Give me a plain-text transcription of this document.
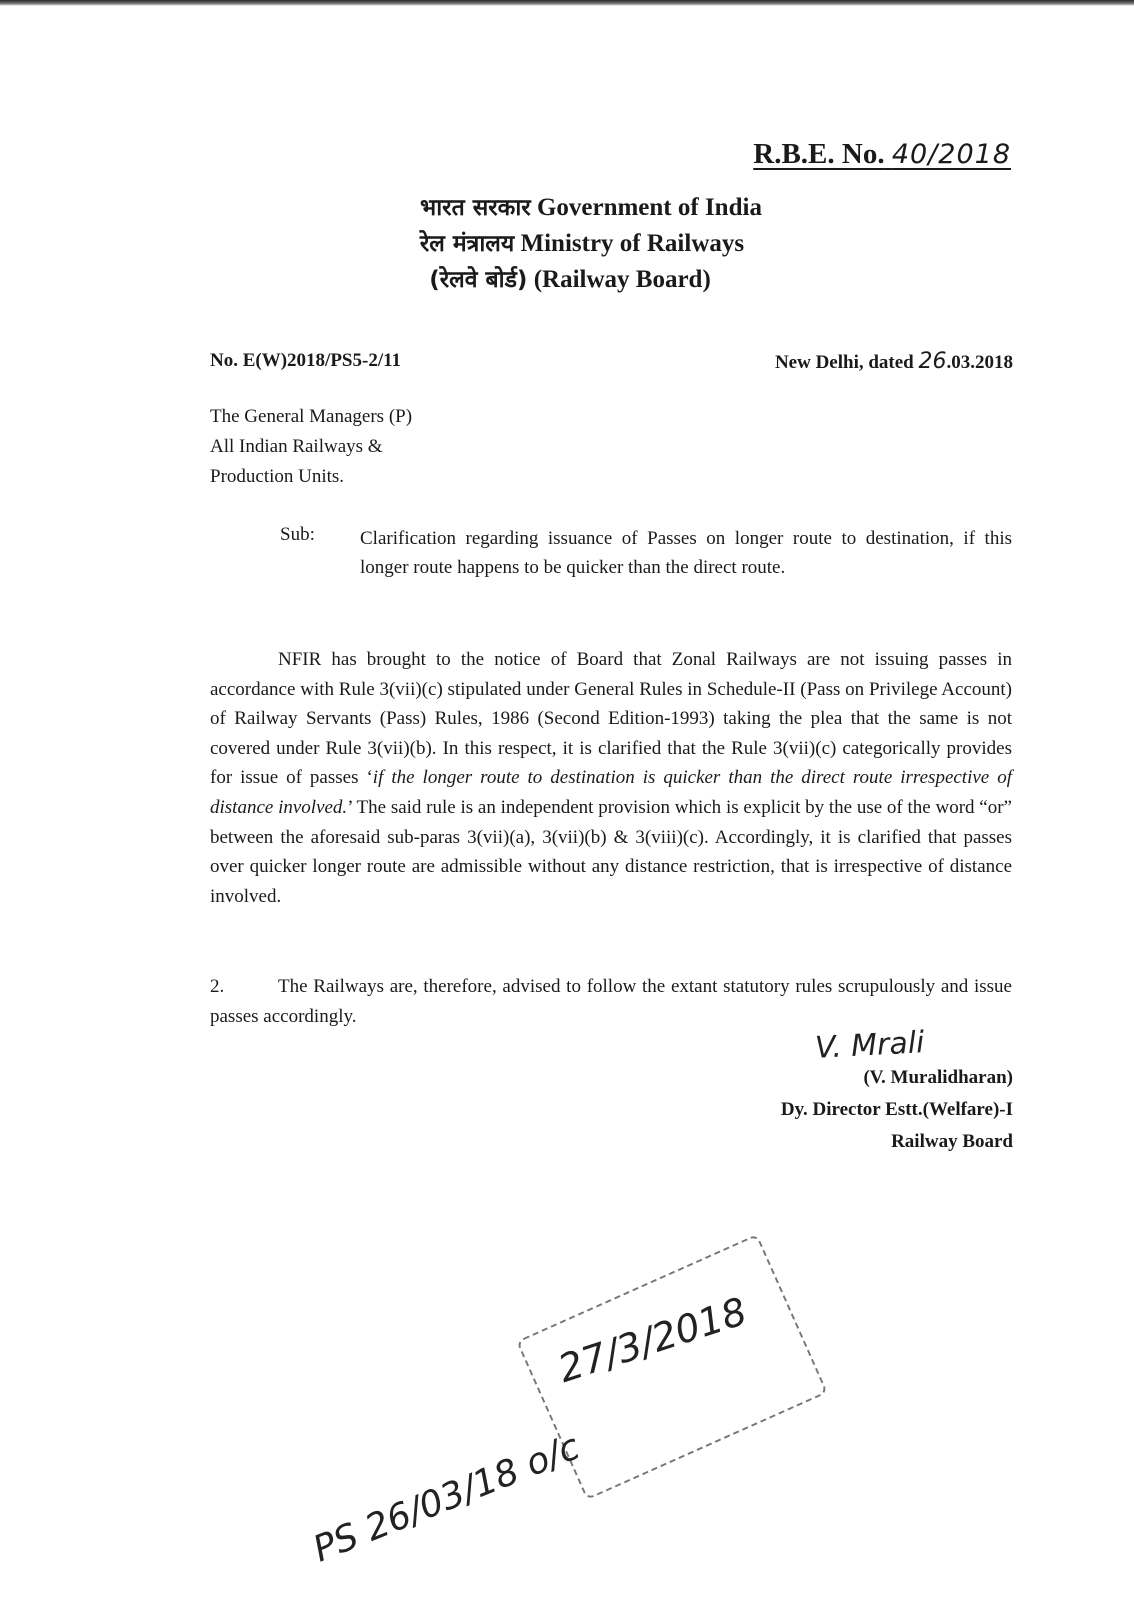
R.B.E. No. 40/2018
भारत सरकार Government of India
रेल मंत्रालय Ministry of Railways
(रेलवे बोर्ड) (Railway Board)
No. E(W)2018/PS5-2/11	New Delhi, dated 26.03.2018
The General Managers (P)
All Indian Railways &
Production Units.
Sub: Clarification regarding issuance of Passes on longer route to destination, if this longer route happens to be quicker than the direct route.
NFIR has brought to the notice of Board that Zonal Railways are not issuing passes in accordance with Rule 3(vii)(c) stipulated under General Rules in Schedule-II (Pass on Privilege Account) of Railway Servants (Pass) Rules, 1986 (Second Edition-1993) taking the plea that the same is not covered under Rule 3(vii)(b). In this respect, it is clarified that the Rule 3(vii)(c) categorically provides for issue of passes ‘if the longer route to destination is quicker than the direct route irrespective of distance involved.’ The said rule is an independent provision which is explicit by the use of the word “or” between the aforesaid sub-paras 3(vii)(a), 3(vii)(b) & 3(viii)(c). Accordingly, it is clarified that passes over quicker longer route are admissible without any distance restriction, that is irrespective of distance involved.
2.	The Railways are, therefore, advised to follow the extant statutory rules scrupulously and issue passes accordingly.
V. Mrali
(V. Muralidharan)
Dy. Director Estt.(Welfare)-I
Railway Board
27/3/2018
PS 26/03/18 o/c
